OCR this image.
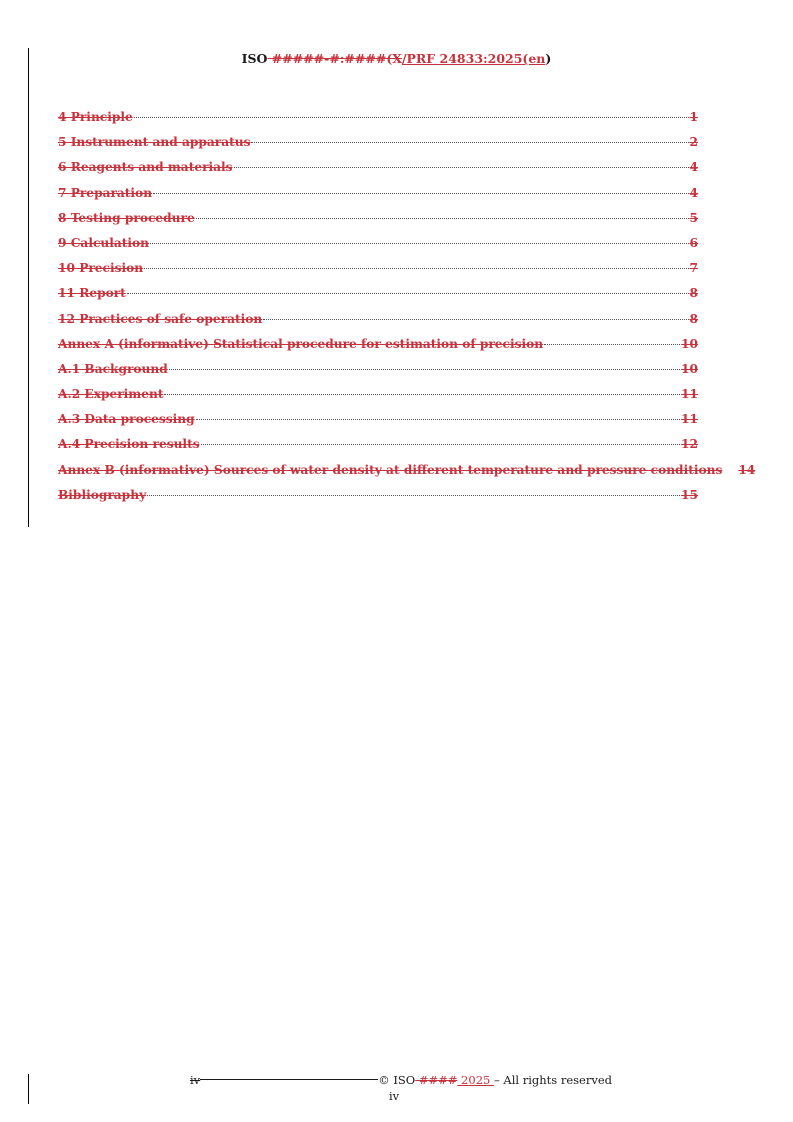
ISO #####-#:####(X/PRF 24833:2025(en)
4 Principle	1
5 Instrument and apparatus	2
6 Reagents and materials	4
7 Preparation	4
8 Testing procedure	5
9 Calculation	6
10 Precision	7
11 Report	8
12 Practices of safe operation	8
Annex A (informative) Statistical procedure for estimation of precision	10
A.1 Background	10
A.2 Experiment	11
A.3 Data processing	11
A.4 Precision results	12
Annex B (informative) Sources of water density at different temperature and pressure conditions 14
Bibliography	15
iv	© ISO #### 2025 – All rights reserved
iv
